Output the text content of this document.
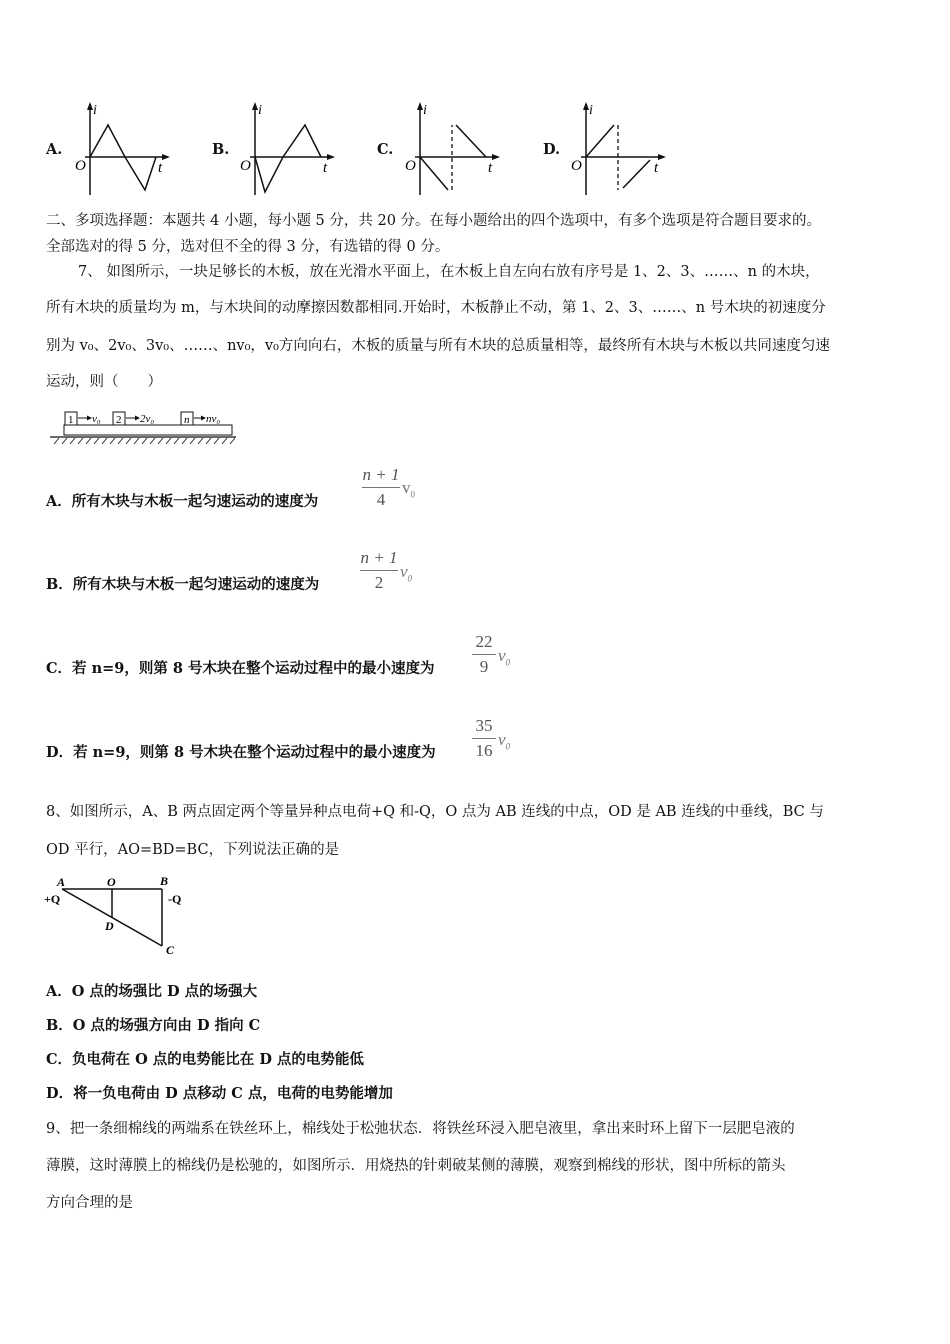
A.
i
O	t
B.
i
O	t
C.
i
O	t
D.
i
O	t
二、多项选择题：本题共 4 小题，每小题 5 分，共 20 分。在每小题给出的四个选项中，有多个选项是符合题目要求的。
全部选对的得 5 分，选对但不全的得 3 分，有选错的得 0 分。
7、 如图所示，一块足够长的木板，放在光滑水平面上，在木板上自左向右放有序号是 1、2、3、……、n 的木块，
所有木块的质量均为 m，与木块间的动摩擦因数都相同.开始时，木板静止不动，第 1、2、3、……、n 号木块的初速度分
别为 v₀、2v₀、3v₀、……、nv₀，v₀方向向右，木板的质量与所有木块的总质量相等，最终所有木块与木板以共同速度匀速
运动，则（　　）
1 v₀ 2 2v₀	n nv₀
A．所有木块与木板一起匀速运动的速度为
n + 1
4
$v_0$
B．所有木块与木板一起匀速运动的速度为
n + 1
2
$v_0$
C．若 n=9，则第 8 号木块在整个运动过程中的最小速度为
22
9
$v_0$
D．若 n=9，则第 8 号木块在整个运动过程中的最小速度为
35
16
$v_0$
8、如图所示，A、B 两点固定两个等量异种点电荷+Q 和-Q，O 点为 AB 连线的中点，OD 是 AB 连线的中垂线，BC 与
OD 平行，AO=BD=BC，下列说法正确的是
A	O	B
+Q	-Q
D
C
A．O 点的场强比 D 点的场强大
B．O 点的场强方向由 D 指向 C
C．负电荷在 O 点的电势能比在 D 点的电势能低
D．将一负电荷由 D 点移动 C 点，电荷的电势能增加
9、把一条细棉线的两端系在铁丝环上，棉线处于松弛状态．将铁丝环浸入肥皂液里，拿出来时环上留下一层肥皂液的
薄膜，这时薄膜上的棉线仍是松驰的，如图所示．用烧热的针刺破某侧的薄膜，观察到棉线的形状，图中所标的箭头
方向合理的是
